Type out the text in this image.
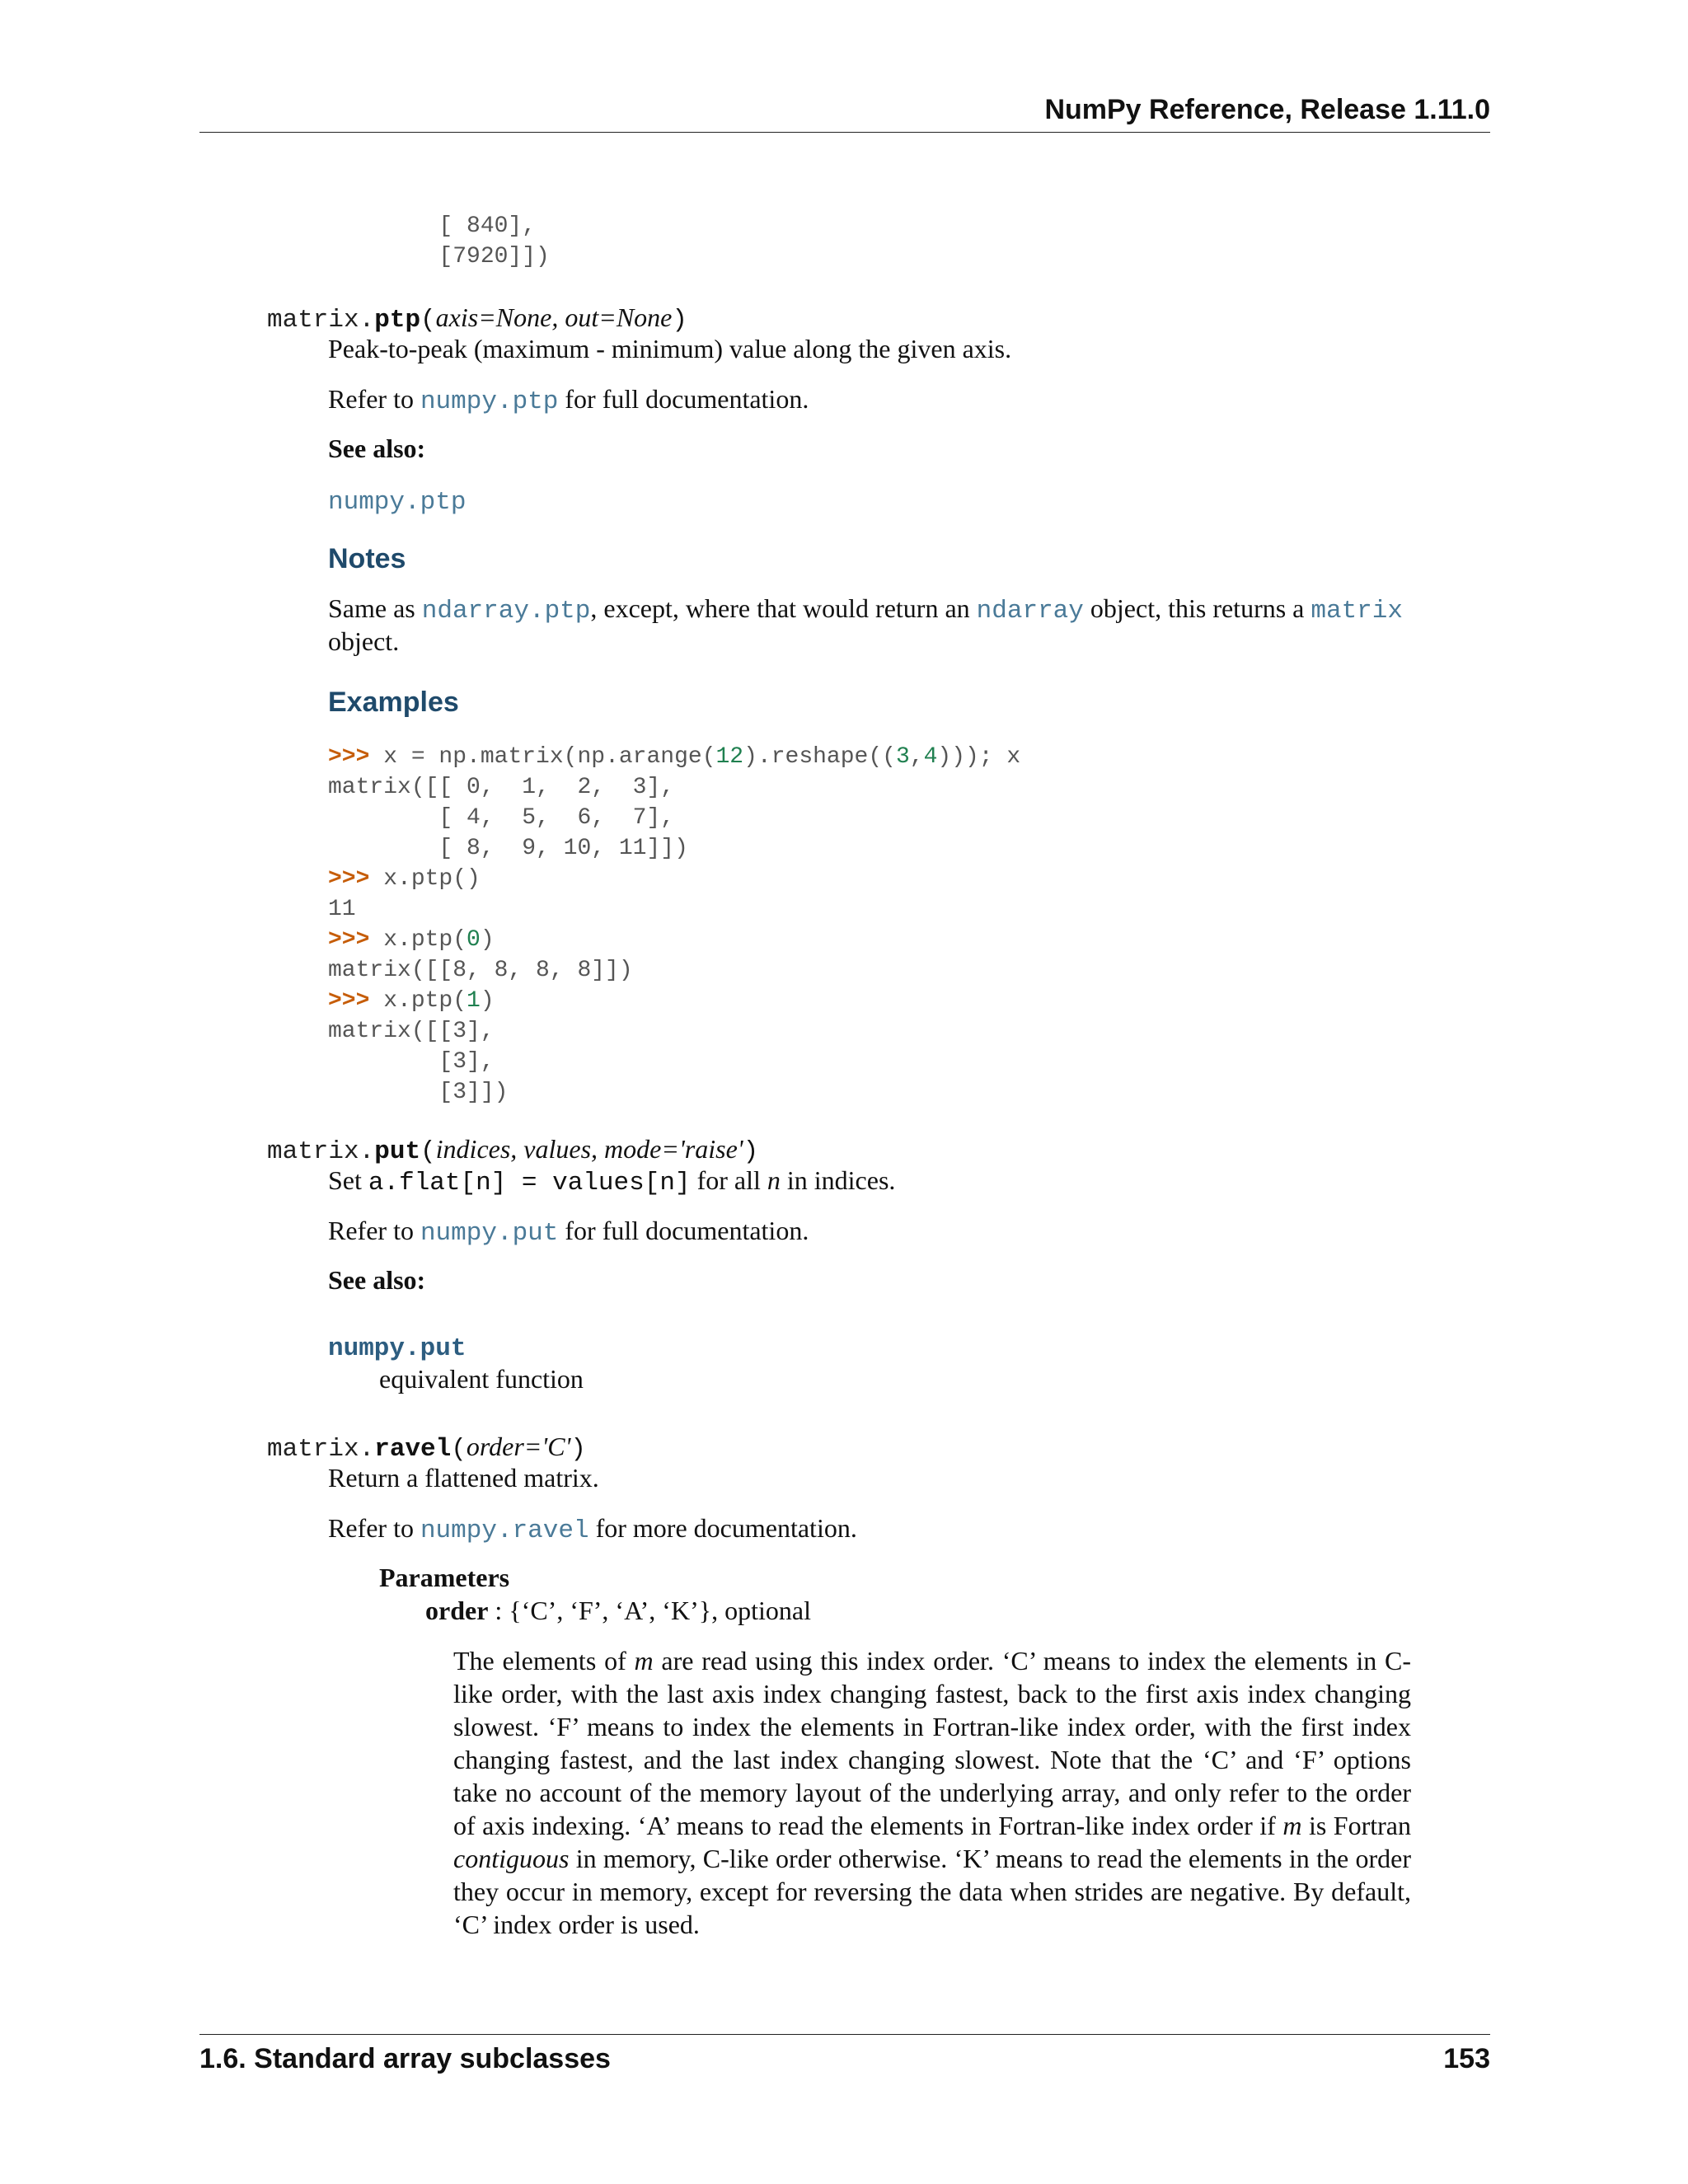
NumPy Reference, Release 1.11.0
[ 840],
[7920]])
matrix.ptp(axis=None, out=None)
Peak-to-peak (maximum - minimum) value along the given axis.
Refer to numpy.ptp for full documentation.
See also:
numpy.ptp
Notes
Same as ndarray.ptp, except, where that would return an ndarray object, this returns a matrix
object.
Examples
>>> x = np.matrix(np.arange(12).reshape((3,4))); x
matrix([[ 0,  1,  2,  3],
[ 4,  5,  6,  7],
[ 8,  9, 10, 11]])
>>> x.ptp()
11
>>> x.ptp(0)
matrix([[8, 8, 8, 8]])
>>> x.ptp(1)
matrix([[3],
[3],
[3]])
matrix.put(indices, values, mode='raise')
Set a.flat[n] = values[n] for all n in indices.
Refer to numpy.put for full documentation.
See also:
numpy.put
equivalent function
matrix.ravel(order='C')
Return a flattened matrix.
Refer to numpy.ravel for more documentation.
Parameters
order : {‘C’, ‘F’, ‘A’, ‘K’}, optional
The elements of m are read using this index order. ‘C’ means to index the elements in C-like order, with the last axis index changing fastest, back to the first axis index changing slowest. ‘F’ means to index the elements in Fortran-like index order, with the first index changing fastest, and the last index changing slowest. Note that the ‘C’ and ‘F’ options take no account of the memory layout of the underlying array, and only refer to the order of axis indexing. ‘A’ means to read the elements in Fortran-like index order if m is Fortran contiguous in memory, C-like order otherwise. ‘K’ means to read the elements in the order they occur in memory, except for reversing the data when strides are negative. By default, ‘C’ index order is used.
1.6. Standard array subclasses	153
